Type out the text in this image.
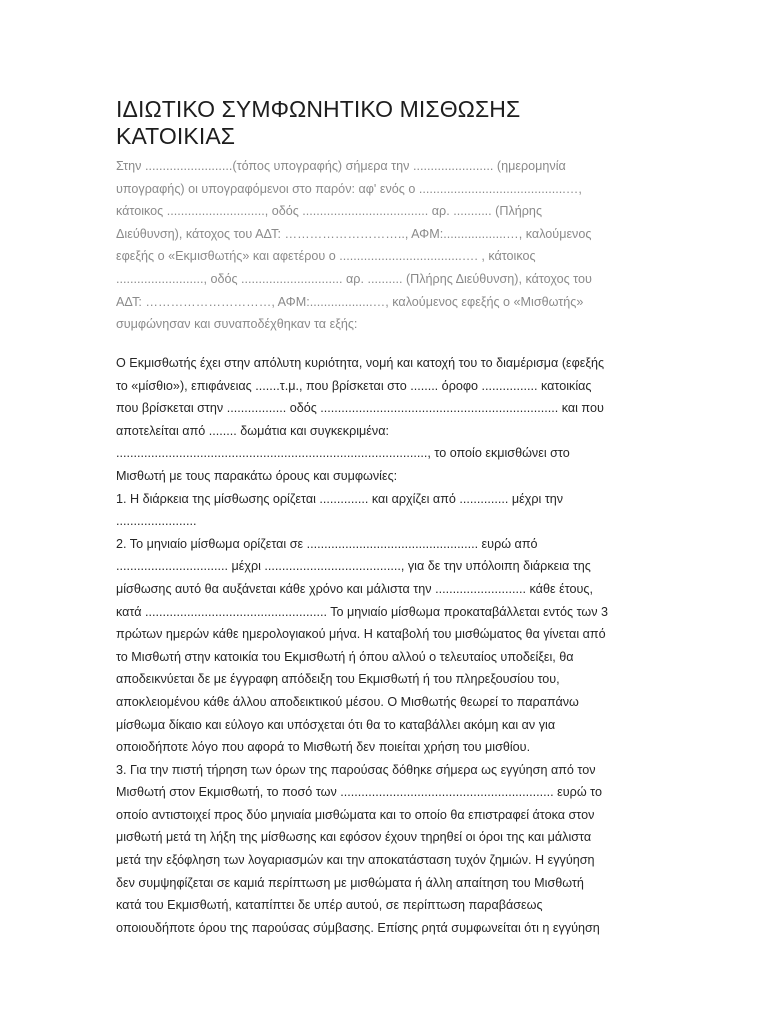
ΙΔΙΩΤΙΚΟ ΣΥΜΦΩΝΗΤΙΚΟ ΜΙΣΘΩΣΗΣ
ΚΑΤΟΙΚΙΑΣ
Στην .........................(τόπος υπογραφής) σήμερα την ....................... (ημερομηνία
υπογραφής) οι υπογραφόμενοι στο παρόν: αφ' ενός ο ..........................................…,
κάτοικος ............................, οδός .................................... αρ. ........... (Πλήρης
Διεύθυνση), κάτοχος του ΑΔΤ: ……………………….., ΑΦΜ:..................…, καλούμενος
εφεξής ο «Εκμισθωτής» και αφετέρου ο ...................................…. , κάτοικος
........................., οδός ............................. αρ. .......... (Πλήρης Διεύθυνση), κάτοχος του
ΑΔΤ: …………………………, ΑΦΜ:..................…, καλούμενος εφεξής ο «Μισθωτής»
συμφώνησαν και συναποδέχθηκαν τα εξής:
Ο Εκμισθωτής έχει στην απόλυτη κυριότητα, νομή και κατοχή του το διαμέρισμα (εφεξής
το «μίσθιο»), επιφάνειας .......τ.μ., που βρίσκεται στο ........ όροφο ................ κατοικίας
που βρίσκεται στην ................. οδός .................................................................... και που
αποτελείται από ........ δωμάτια και συγκεκριμένα:
........................................................................................., το οποίο εκμισθώνει στο
Μισθωτή με τους παρακάτω όρους και συμφωνίες:
1. Η διάρκεια της μίσθωσης ορίζεται .............. και αρχίζει από .............. μέχρι την
.......................
2. Το μηνιαίο μίσθωμα ορίζεται σε ................................................. ευρώ από
................................ μέχρι ......................................., για δε την υπόλοιπη διάρκεια της
μίσθωσης αυτό θα αυξάνεται κάθε χρόνο και μάλιστα την .......................... κάθε έτους,
κατά .................................................... Το μηνιαίο μίσθωμα προκαταβάλλεται εντός των 3
πρώτων ημερών κάθε ημερολογιακού μήνα. Η καταβολή του μισθώματος θα γίνεται από
το Μισθωτή στην κατοικία του Εκμισθωτή ή όπου αλλού ο τελευταίος υποδείξει, θα
αποδεικνύεται δε με έγγραφη απόδειξη του Εκμισθωτή ή του πληρεξουσίου του,
αποκλειομένου κάθε άλλου αποδεικτικού μέσου. Ο Μισθωτής θεωρεί το παραπάνω
μίσθωμα δίκαιο και εύλογο και υπόσχεται ότι θα το καταβάλλει ακόμη και αν για
οποιοδήποτε λόγο που αφορά το Μισθωτή δεν ποιείται χρήση του μισθίου.
3. Για την πιστή τήρηση των όρων της παρούσας δόθηκε σήμερα ως εγγύηση από τον
Μισθωτή στον Εκμισθωτή, το ποσό των ............................................................. ευρώ το
οποίο αντιστοιχεί προς δύο μηνιαία μισθώματα και το οποίο θα επιστραφεί άτοκα στον
μισθωτή μετά τη λήξη της μίσθωσης και εφόσον έχουν τηρηθεί οι όροι της και μάλιστα
μετά την εξόφληση των λογαριασμών και την αποκατάσταση τυχόν ζημιών. Η εγγύηση
δεν συμψηφίζεται σε καμιά περίπτωση με μισθώματα ή άλλη απαίτηση του Μισθωτή
κατά του Εκμισθωτή, καταπίπτει δε υπέρ αυτού, σε περίπτωση παραβάσεως
οποιουδήποτε όρου της παρούσας σύμβασης. Επίσης ρητά συμφωνείται ότι η εγγύηση
